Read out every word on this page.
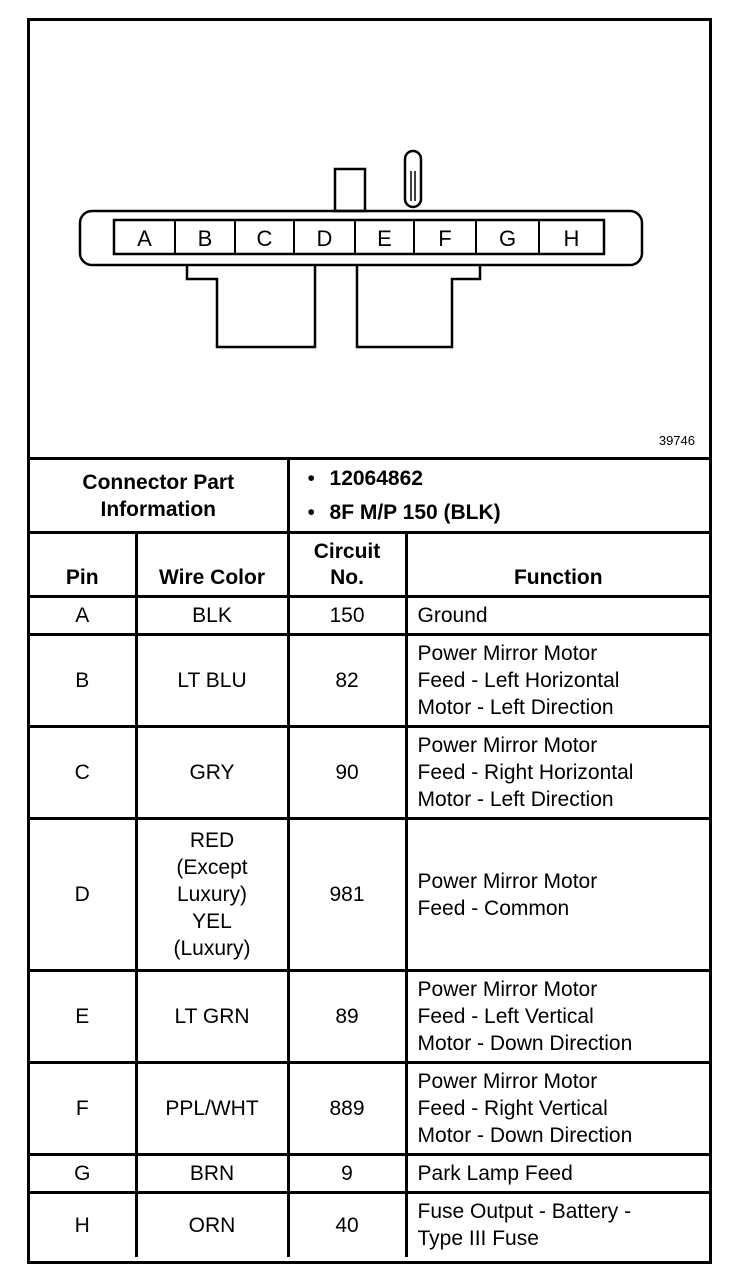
A B C D E F G H
39746
Connector Part Information		• 12064862
• 8F M/P 150 (BLK)

Pin	Wire Color	Circuit
No.	Function
A	BLK	150	Ground

B	LT BLU	82	Power Mirror Motor
Feed - Left Horizontal
Motor - Left Direction

C	GRY	90	Power Mirror Motor
Feed - Right Horizontal
Motor - Left Direction

D	RED
(Except
Luxury)
YEL
(Luxury)	981	Power Mirror Motor
Feed - Common

E	LT GRN	89	Power Mirror Motor
Feed - Left Vertical
Motor - Down Direction

F	PPL/WHT	889	Power Mirror Motor
Feed - Right Vertical
Motor - Down Direction

G	BRN	9	Park Lamp Feed

H	ORN	40	Fuse Output - Battery -
Type III Fuse
